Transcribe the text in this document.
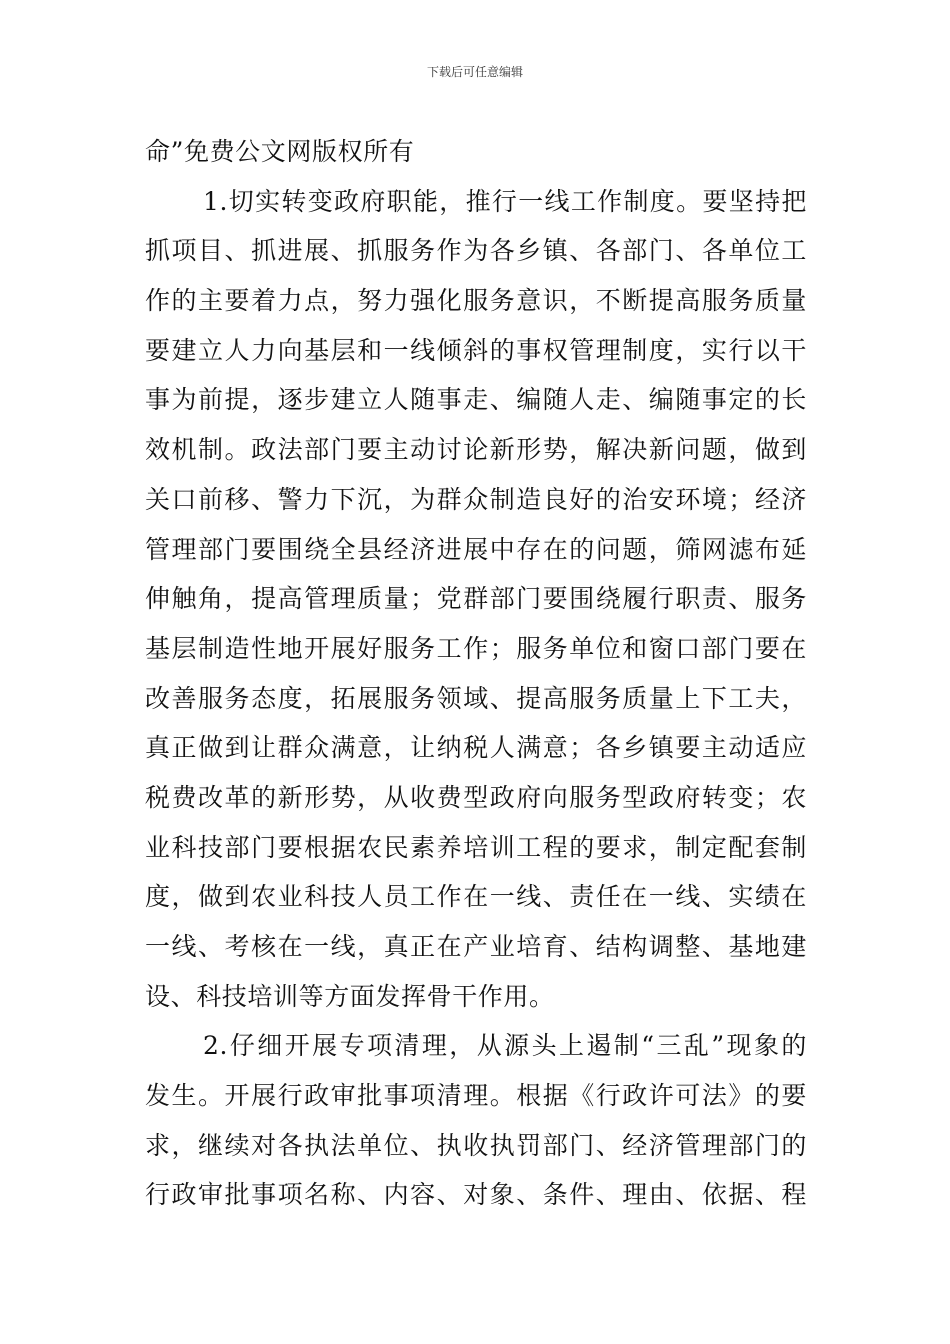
下载后可任意编辑
命”免费公文网版权所有
1.切实转变政府职能，推行一线工作制度。要坚持把
抓项目、抓进展、抓服务作为各乡镇、各部门、各单位工
作的主要着力点，努力强化服务意识，不断提高服务质量
要建立人力向基层和一线倾斜的事权管理制度，实行以干
事为前提，逐步建立人随事走、编随人走、编随事定的长
效机制。政法部门要主动讨论新形势，解决新问题，做到
关口前移、警力下沉，为群众制造良好的治安环境；经济
管理部门要围绕全县经济进展中存在的问题，筛网滤布延
伸触角，提高管理质量；党群部门要围绕履行职责、服务
基层制造性地开展好服务工作；服务单位和窗口部门要在
改善服务态度，拓展服务领域、提高服务质量上下工夫，
真正做到让群众满意，让纳税人满意；各乡镇要主动适应
税费改革的新形势，从收费型政府向服务型政府转变；农
业科技部门要根据农民素养培训工程的要求，制定配套制
度，做到农业科技人员工作在一线、责任在一线、实绩在
一线、考核在一线，真正在产业培育、结构调整、基地建
设、科技培训等方面发挥骨干作用。
2.仔细开展专项清理，从源头上遏制“三乱”现象的
发生。开展行政审批事项清理。根据《行政许可法》的要
求，继续对各执法单位、执收执罚部门、经济管理部门的
行政审批事项名称、内容、对象、条件、理由、依据、程
